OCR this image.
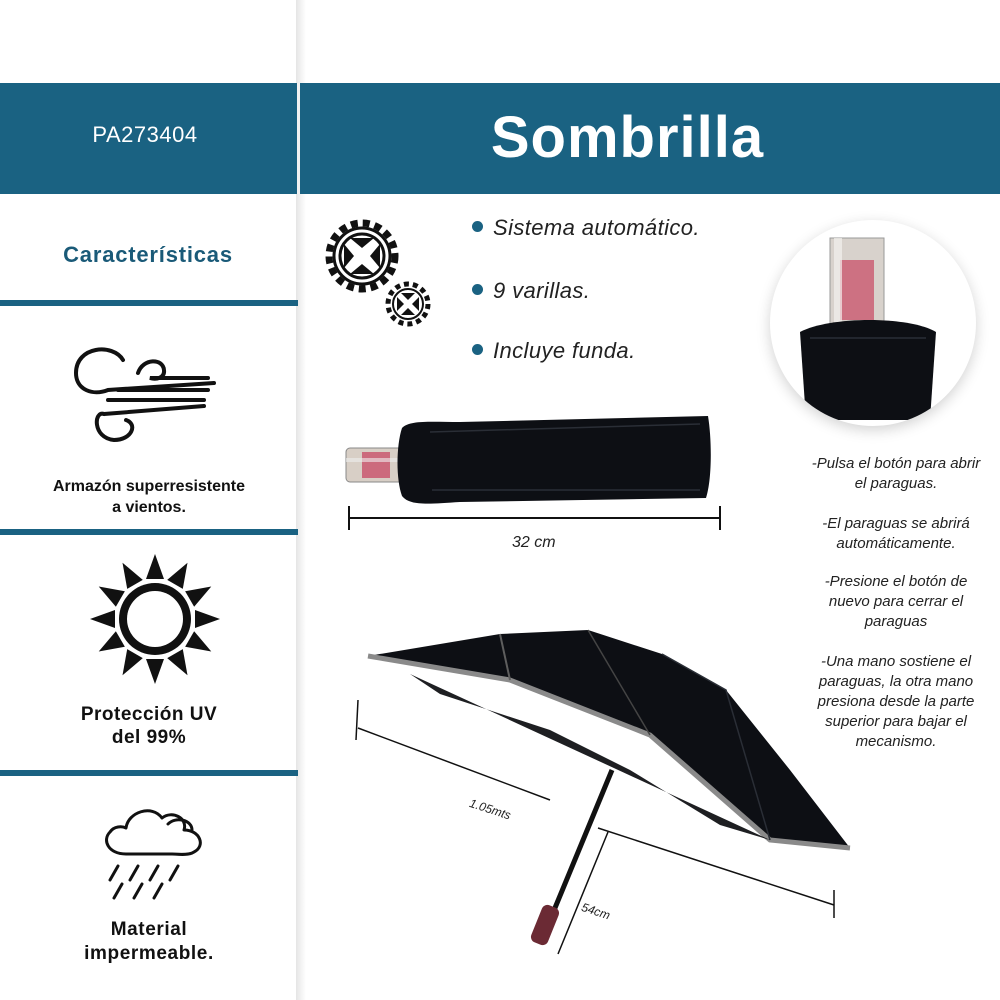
PA273404	Sombrilla
Características
Armazón superresistente
a vientos.
Protección UV
del 99%
Material
impermeable.
Sistema automático.
9 varillas.
Incluye funda.
32 cm
-Pulsa el botón para abrir el paraguas.
-El paraguas se abrirá automáticamente.
-Presione el botón de nuevo para cerrar el paraguas
-Una mano sostiene el paraguas, la otra mano presiona desde la parte superior para bajar el mecanismo.
1.05mts
54cm
